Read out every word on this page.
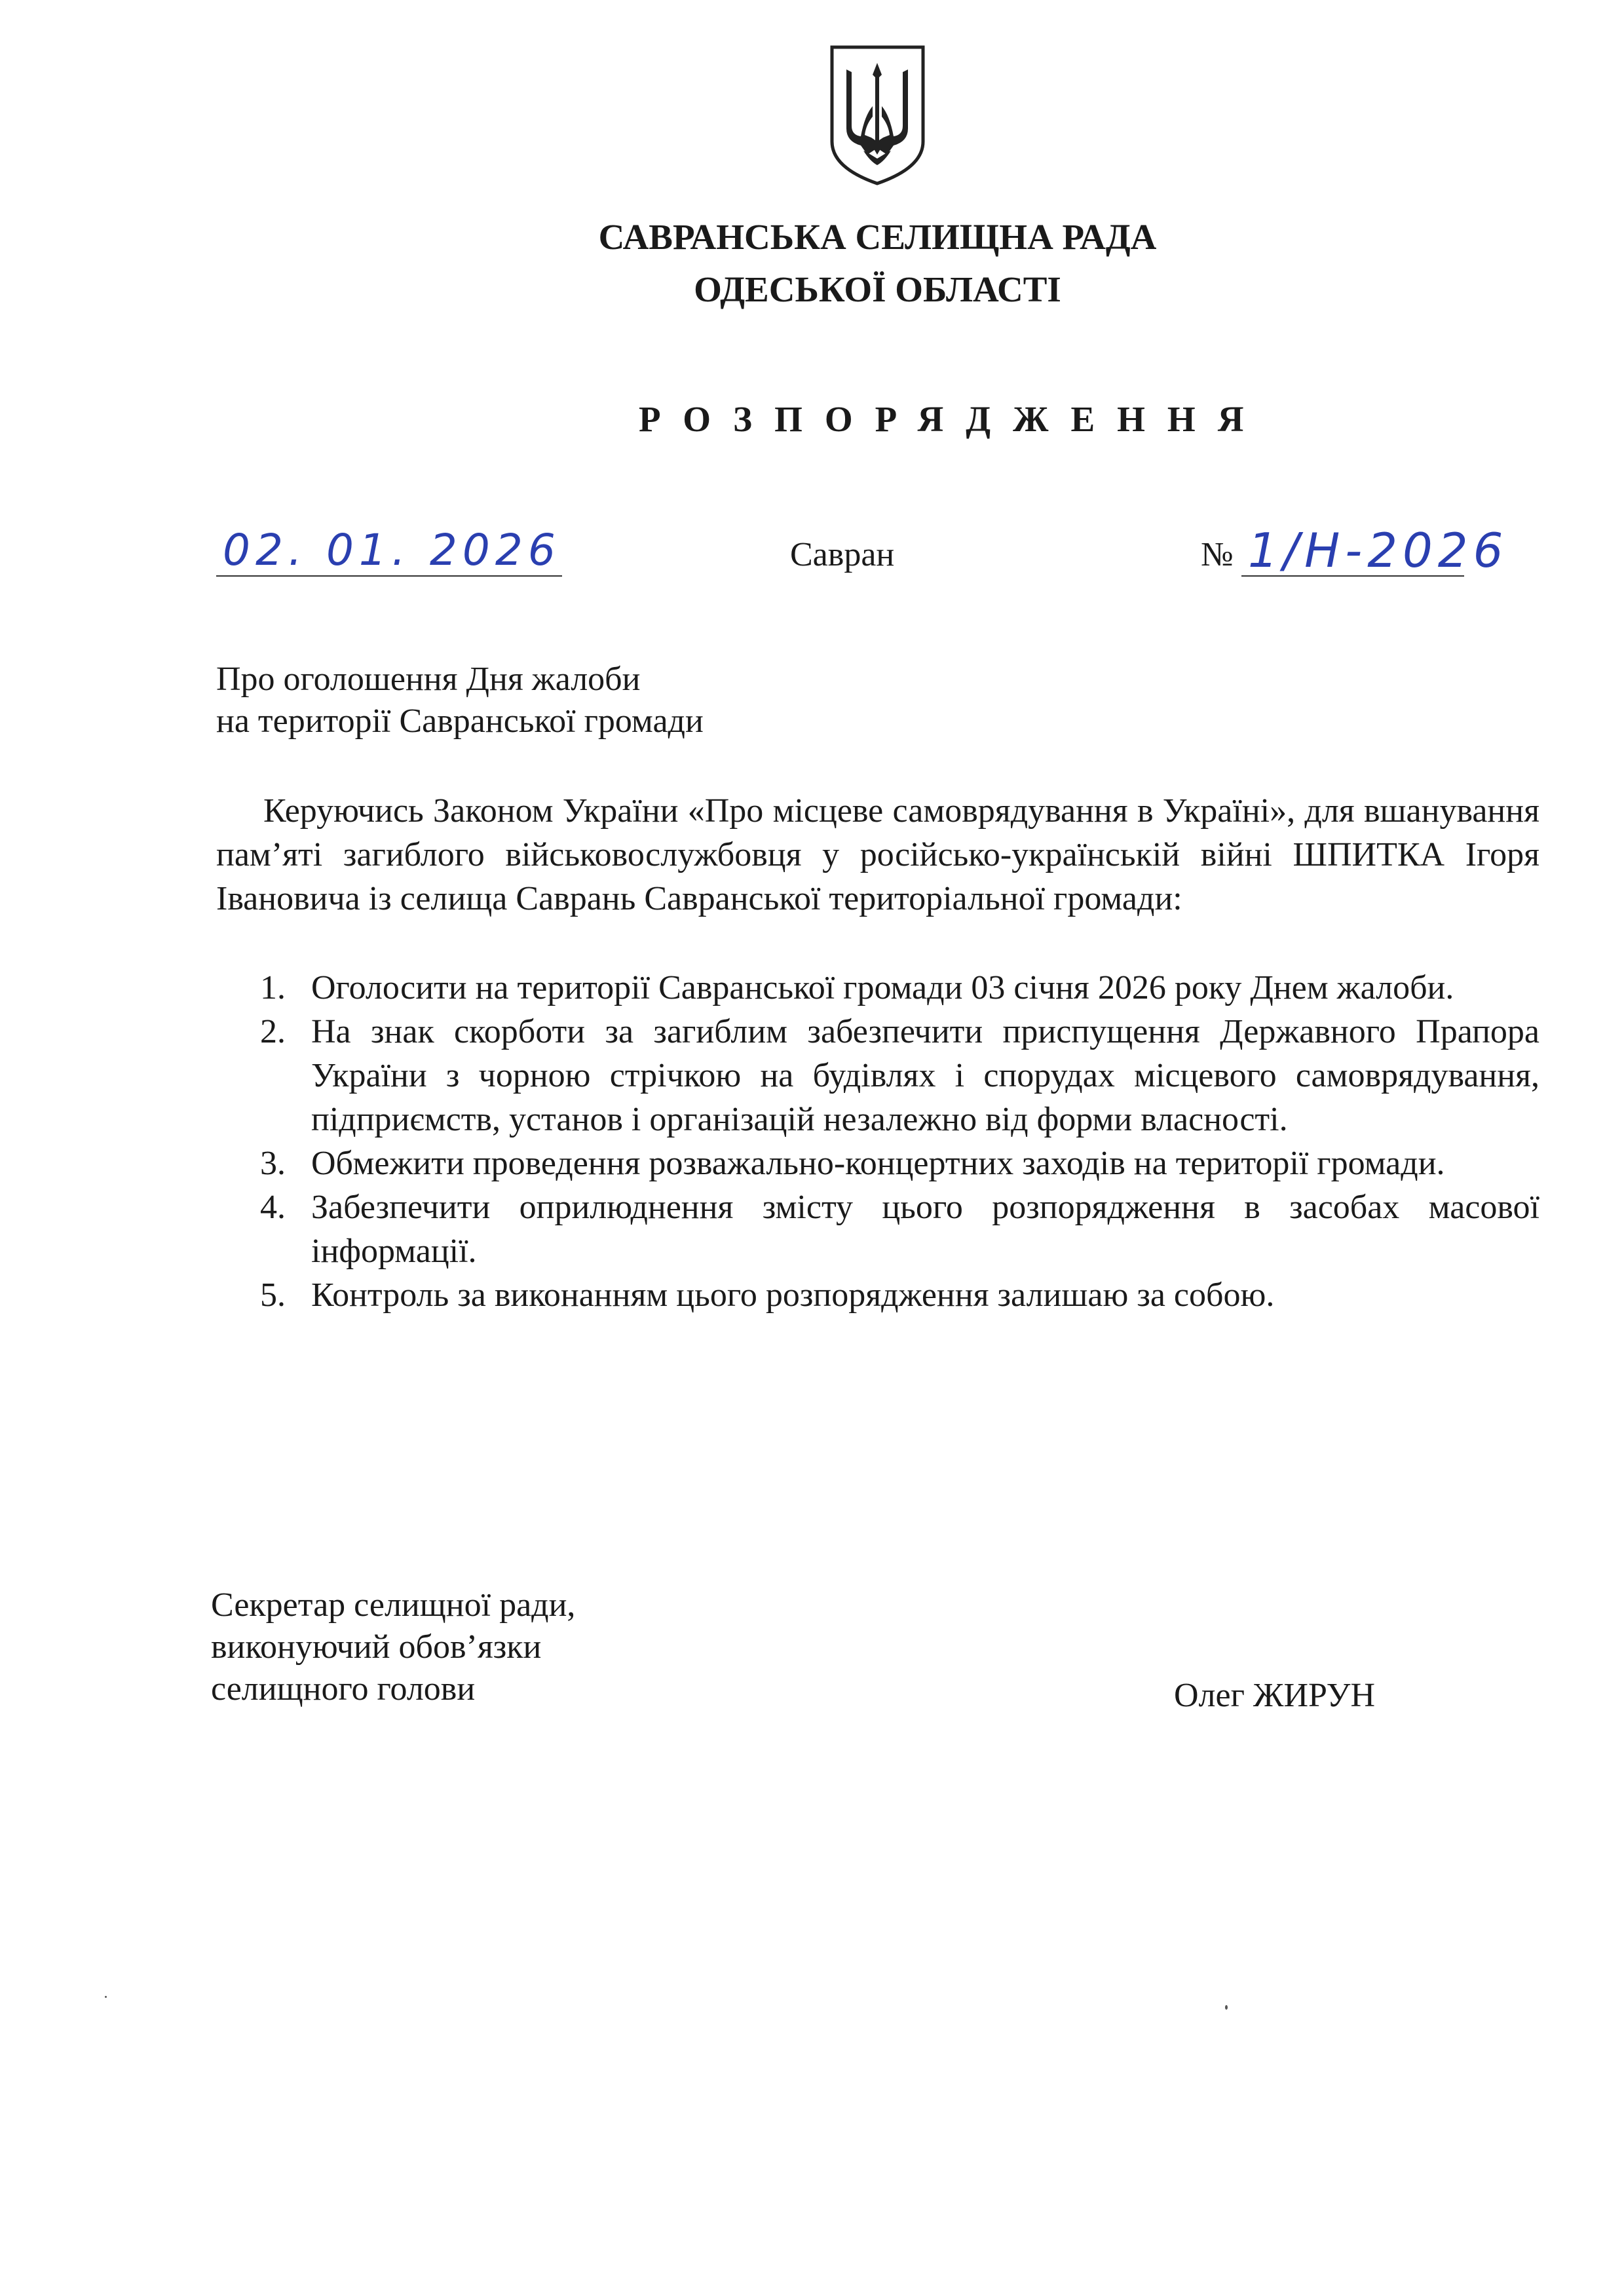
САВРАНСЬКА СЕЛИЩНА РАДА
ОДЕСЬКОЇ ОБЛАСТІ
РОЗПОРЯДЖЕННЯ
02. 01. 2026	Савран	№ 1/Н-2026
Про оголошення Дня жалоби
на території Савранської громади

Керуючись Законом України «Про місцеве самоврядування в Україні», для вшанування пам’яті загиблого військовослужбовця у російсько-українській війні ШПИТКА Ігоря Івановича із селища Саврань Савранської територіальної громади:

1. Оголосити на території Савранської громади 03 січня 2026 року Днем жалоби.
2. На знак скорботи за загиблим забезпечити приспущення Державного Прапора України з чорною стрічкою на будівлях і спорудах місцевого самоврядування, підприємств, установ і організацій незалежно від форми власності.
3. Обмежити проведення розважально-концертних заходів на території громади.
4. Забезпечити оприлюднення змісту цього розпорядження в засобах масової інформації.
5. Контроль за виконанням цього розпорядження залишаю за собою.
Секретар селищної ради,
виконуючий обов’язки
селищного голови	Олег ЖИРУН
